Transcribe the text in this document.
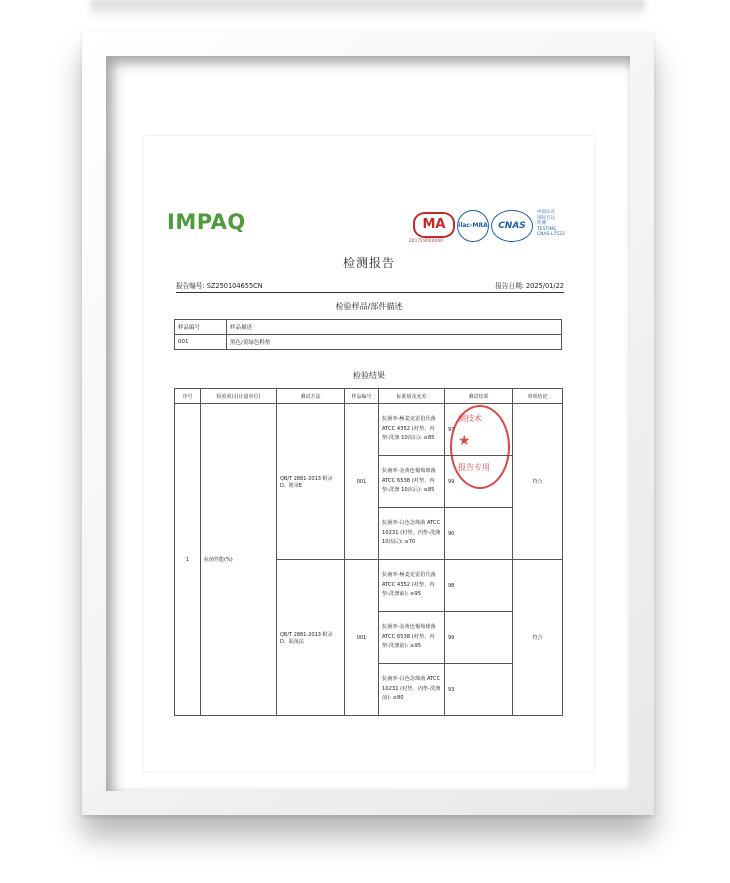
IMPAQ	MA
201719004440
ilac-MRA	CNAS
中国认可
国际互认
检测
TESTING
CNAS L7523
检测报告
报告编号: SZ250104655CN	报告日期: 2025/01/22
检验样品/部件描述
样品编号	样品描述
001	黑色/黄绿色鞋垫
检验结果
序号	检验项目(计量单位)	测试方法	样品编号	标准值及允差	测试结果	单项结论
1	抗菌性能(%)	QB/T 2881-2013 附录D、附录E	001	抗菌率-極麦克雷伯氏菌 ATCC 4352 (衬垫、内垫-洗涤 10次后): ≥85	97	符合
				抗菌率-金黄色葡萄球菌 ATCC 6538 (衬垫、内垫-洗涤 10次后): ≥85	99	
				抗菌率-白色念珠菌 ATCC 10231 (衬垫、内垫-洗涤 10次后): ≥70	90	
		QB/T 2881-2013 附录D、振荡法	001	抗菌率-極麦克雷伯氏菌 ATCC 4352 (衬垫、内垫-洗涤前): ≥95	98	符合
				抗菌率-金黄色葡萄球菌 ATCC 6538 (衬垫、内垫-洗涤前): ≥95	99	
				抗菌率-白色念珠菌 ATCC 10231 (衬垫、内垫-洗涤前): ≥80	93	
测技术
★
报告专用
